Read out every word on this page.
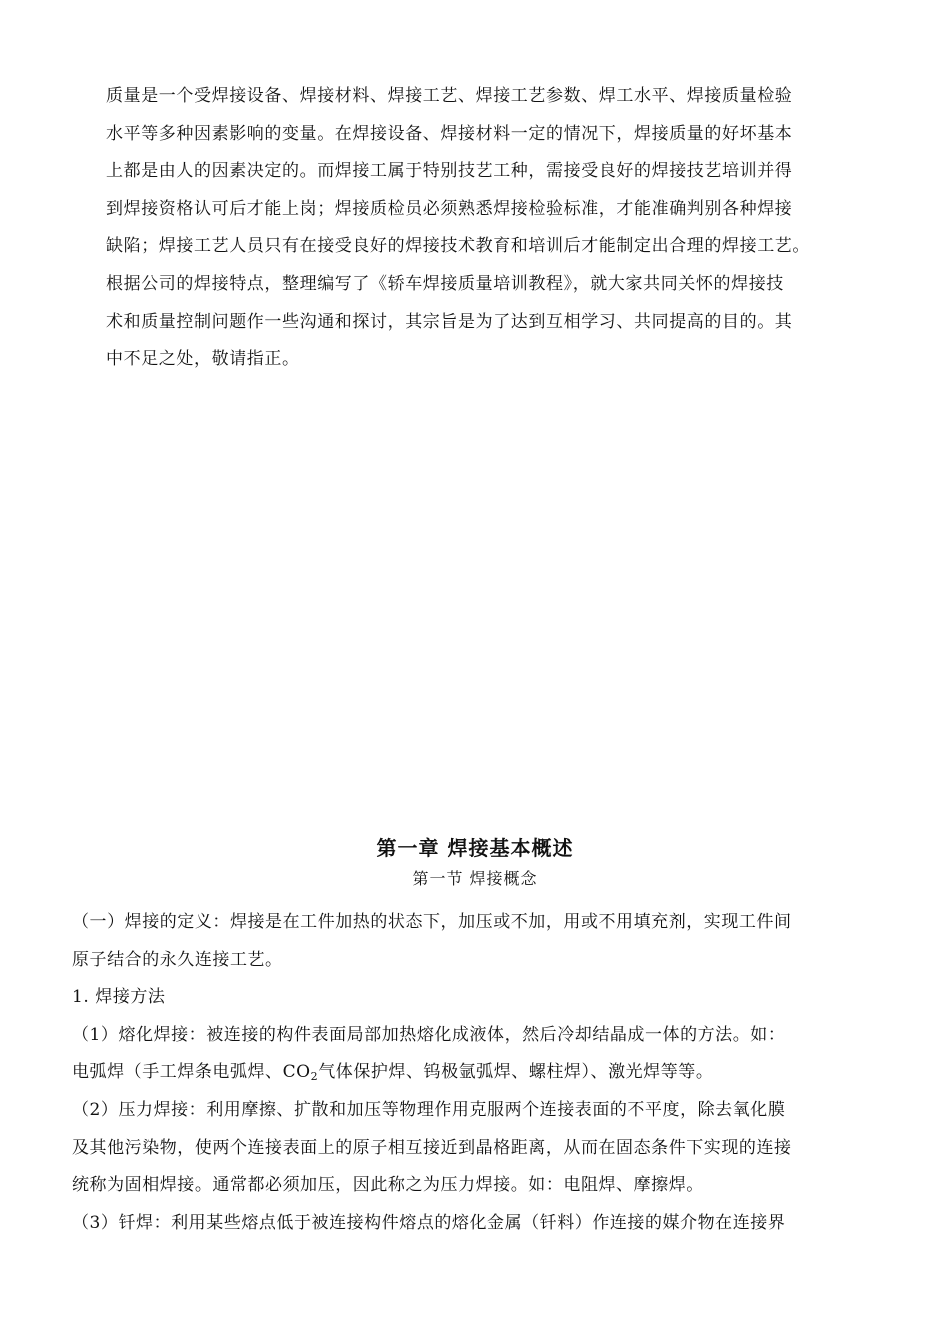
质量是一个受焊接设备、焊接材料、焊接工艺、焊接工艺参数、焊工水平、焊接质量检验
水平等多种因素影响的变量。在焊接设备、焊接材料一定的情况下，焊接质量的好坏基本
上都是由人的因素决定的。而焊接工属于特别技艺工种，需接受良好的焊接技艺培训并得
到焊接资格认可后才能上岗；焊接质检员必须熟悉焊接检验标准，才能准确判别各种焊接
缺陷；焊接工艺人员只有在接受良好的焊接技术教育和培训后才能制定出合理的焊接工艺。
根据公司的焊接特点，整理编写了《轿车焊接质量培训教程》，就大家共同关怀的焊接技
术和质量控制问题作一些沟通和探讨，其宗旨是为了达到互相学习、共同提高的目的。其
中不足之处，敬请指正。
第一章 焊接基本概述
第一节 焊接概念
（一）焊接的定义：焊接是在工件加热的状态下，加压或不加，用或不用填充剂，实现工件间
原子结合的永久连接工艺。
1. 焊接方法
（1）熔化焊接：被连接的构件表面局部加热熔化成液体，然后冷却结晶成一体的方法。如：
电弧焊（手工焊条电弧焊、$CO_2$气体保护焊、钨极氩弧焊、螺柱焊）、激光焊等等。
（2）压力焊接：利用摩擦、扩散和加压等物理作用克服两个连接表面的不平度，除去氧化膜
及其他污染物，使两个连接表面上的原子相互接近到晶格距离，从而在固态条件下实现的连接
统称为固相焊接。通常都必须加压，因此称之为压力焊接。如：电阻焊、摩擦焊。
（3）钎焊：利用某些熔点低于被连接构件熔点的熔化金属（钎料）作连接的媒介物在连接界
